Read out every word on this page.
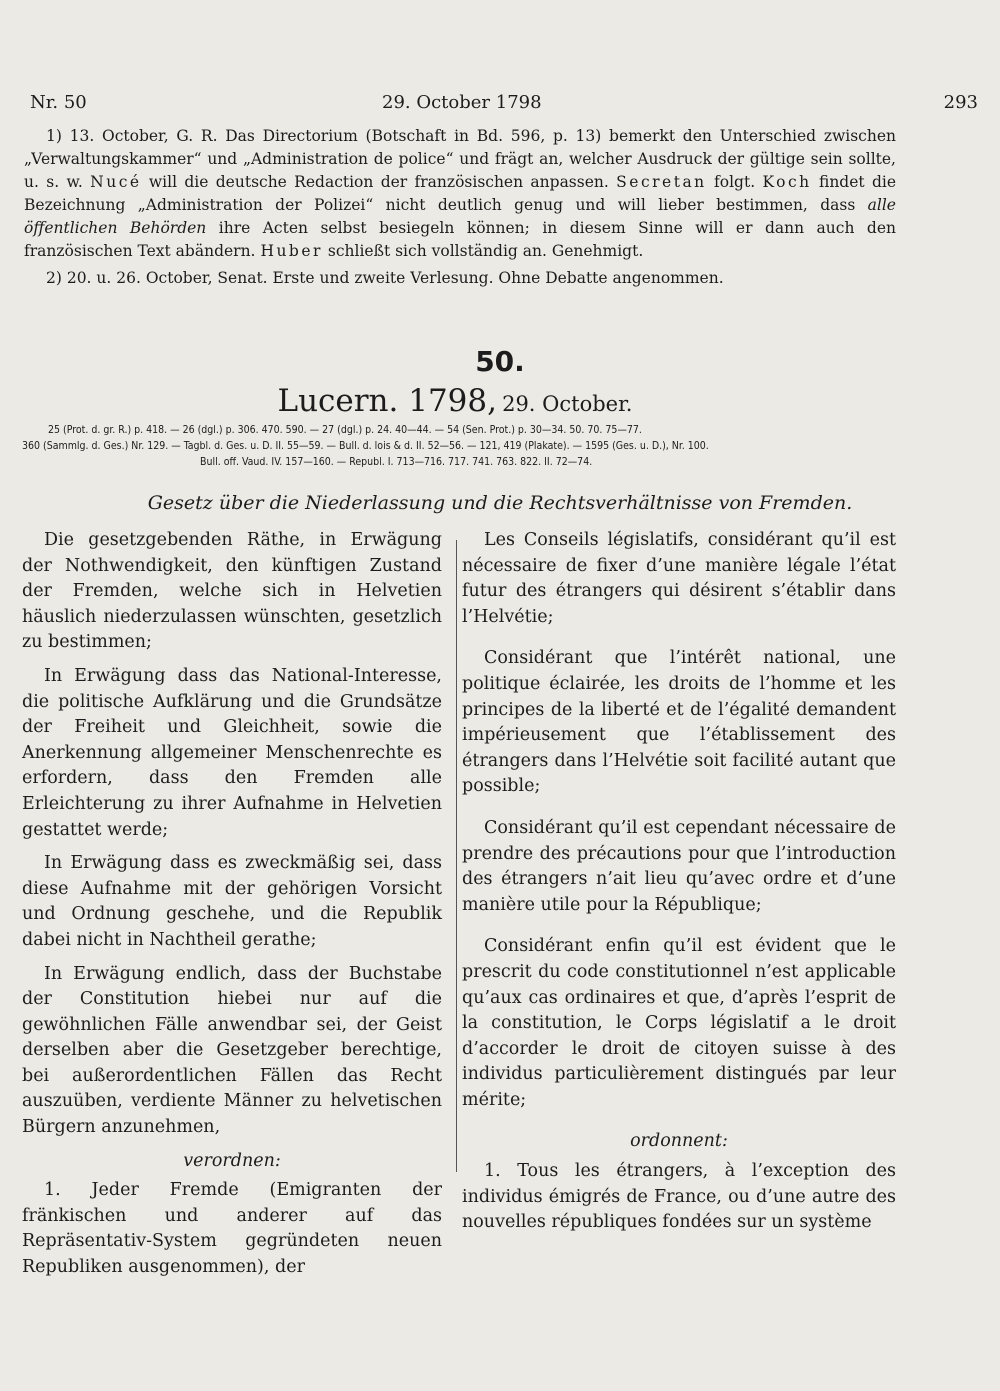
Nr. 50	29. October 1798	293

1) 13. October, G. R. Das Directorium (Botschaft in Bd. 596, p. 13) bemerkt den Unterschied zwischen „Verwaltungskammer“ und „Administration de police“ und frägt an, welcher Ausdruck der gültige sein sollte, u. s. w. Nucé will die deutsche Redaction der französischen anpassen. Secretan folgt. Koch findet die Bezeichnung „Administration der Polizei“ nicht deutlich genug und will lieber bestimmen, dass alle öffentlichen Behörden ihre Acten selbst besiegeln können; in diesem Sinne will er dann auch den französischen Text abändern. Huber schließt sich vollständig an. Genehmigt.

2) 20. u. 26. October, Senat. Erste und zweite Verlesung. Ohne Debatte angenommen.

50.
Lucern. 1798, 29. October.
25 (Prot. d. gr. R.) p. 418. — 26 (dgl.) p. 306. 470. 590. — 27 (dgl.) p. 24. 40—44. — 54 (Sen. Prot.) p. 30—34. 50. 70. 75—77.
360 (Sammlg. d. Ges.) Nr. 129. — Tagbl. d. Ges. u. D. II. 55—59. — Bull. d. lois & d. II. 52—56. — 121, 419 (Plakate). — 1595 (Ges. u. D.), Nr. 100.
Bull. off. Vaud. IV. 157—160. — Republ. I. 713—716. 717. 741. 763. 822. II. 72—74.
Gesetz über die Niederlassung und die Rechtsverhältnisse von Fremden.

Die gesetzgebenden Räthe, in Erwägung der Nothwendigkeit, den künftigen Zustand der Fremden, welche sich in Helvetien häuslich niederzulassen wünschten, gesetzlich zu bestimmen;

In Erwägung dass das National-Interesse, die politische Aufklärung und die Grundsätze der Freiheit und Gleichheit, sowie die Anerkennung allgemeiner Menschenrechte es erfordern, dass den Fremden alle Erleichterung zu ihrer Aufnahme in Helvetien gestattet werde;

In Erwägung dass es zweckmäßig sei, dass diese Aufnahme mit der gehörigen Vorsicht und Ordnung geschehe, und die Republik dabei nicht in Nachtheil gerathe;

In Erwägung endlich, dass der Buchstabe der Constitution hiebei nur auf die gewöhnlichen Fälle anwendbar sei, der Geist derselben aber die Gesetzgeber berechtige, bei außerordentlichen Fällen das Recht auszuüben, verdiente Männer zu helvetischen Bürgern anzunehmen,

verordnen:

1. Jeder Fremde (Emigranten der fränkischen und anderer auf das Repräsentativ-System gegründeten neuen Republiken ausgenommen), der

Les Conseils législatifs, considérant qu’il est nécessaire de fixer d’une manière légale l’état futur des étrangers qui désirent s’établir dans l’Helvétie;

Considérant que l’intérêt national, une politique éclairée, les droits de l’homme et les principes de la liberté et de l’égalité demandent impérieusement que l’établissement des étrangers dans l’Helvétie soit facilité autant que possible;

Considérant qu’il est cependant nécessaire de prendre des précautions pour que l’introduction des étrangers n’ait lieu qu’avec ordre et d’une manière utile pour la République;

Considérant enfin qu’il est évident que le prescrit du code constitutionnel n’est applicable qu’aux cas ordinaires et que, d’après l’esprit de la constitution, le Corps législatif a le droit d’accorder le droit de citoyen suisse à des individus particulièrement distingués par leur mérite;

ordonnent:

1. Tous les étrangers, à l’exception des individus émigrés de France, ou d’une autre des nouvelles républiques fondées sur un système
